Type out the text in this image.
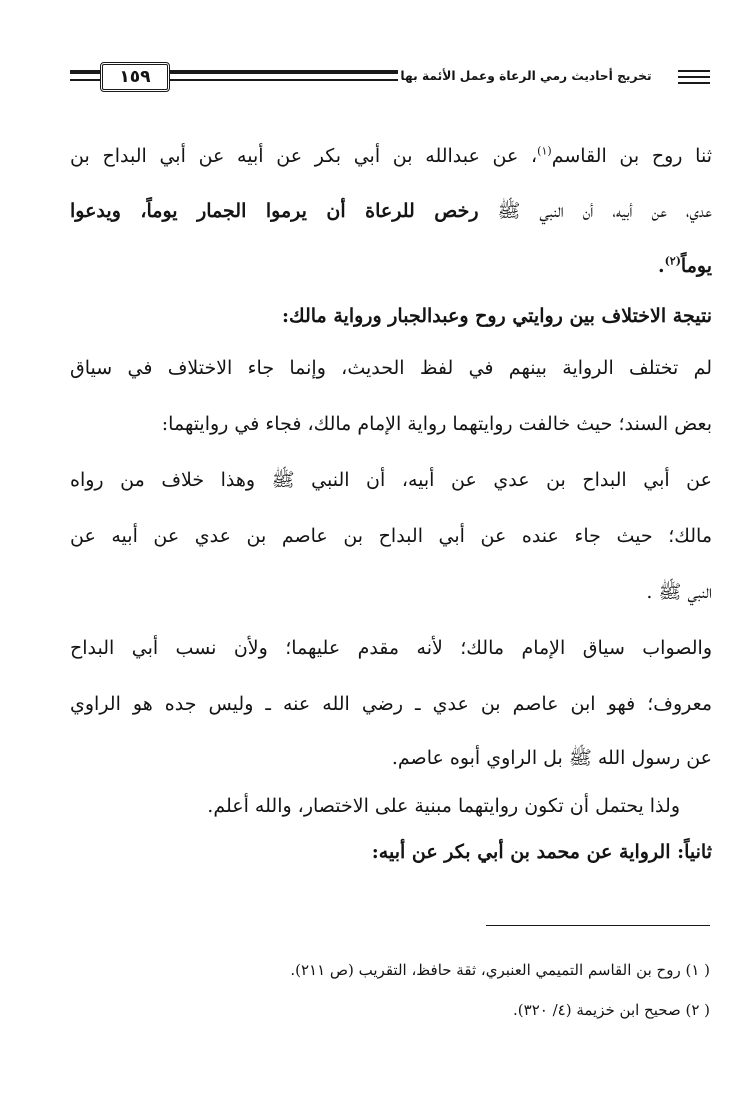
١٥٩	تخريج أحاديث رمي الرعاة وعمل الأئمة بها
ثنا روح بن القاسم$^{(١)}$، عن عبدالله بن أبي بكر عن أبيه عن أبي البداح بن
عدي، عن أبيه، أن النبي ﷺ رخص للرعاة أن يرموا الجمار يوماً، ويدعوا
يوماً$^{(٢)}$.
نتيجة الاختلاف بين روايتي روح وعبدالجبار ورواية مالك:
لم تختلف الرواية بينهم في لفظ الحديث، وإنما جاء الاختلاف في سياق
بعض السند؛ حيث خالفت روايتهما رواية الإمام مالك، فجاء في روايتهما:
عن أبي البداح بن عدي عن أبيه، أن النبي ﷺ وهذا خلاف من رواه
مالك؛ حيث جاء عنده عن أبي البداح بن عاصم بن عدي عن أبيه عن
النبي ﷺ .
والصواب سياق الإمام مالك؛ لأنه مقدم عليهما؛ ولأن نسب أبي البداح
معروف؛ فهو ابن عاصم بن عدي ـ رضي الله عنه ـ وليس جده هو الراوي
عن رسول الله ﷺ بل الراوي أبوه عاصم.
ولذا يحتمل أن تكون روايتهما مبنية على الاختصار، والله أعلم.
ثانياً: الرواية عن محمد بن أبي بكر عن أبيه:
( ١) روح بن القاسم التميمي العنبري، ثقة حافظ، التقريب (ص ٢١١).
( ٢) صحيح ابن خزيمة (٤/ ٣٢٠).
